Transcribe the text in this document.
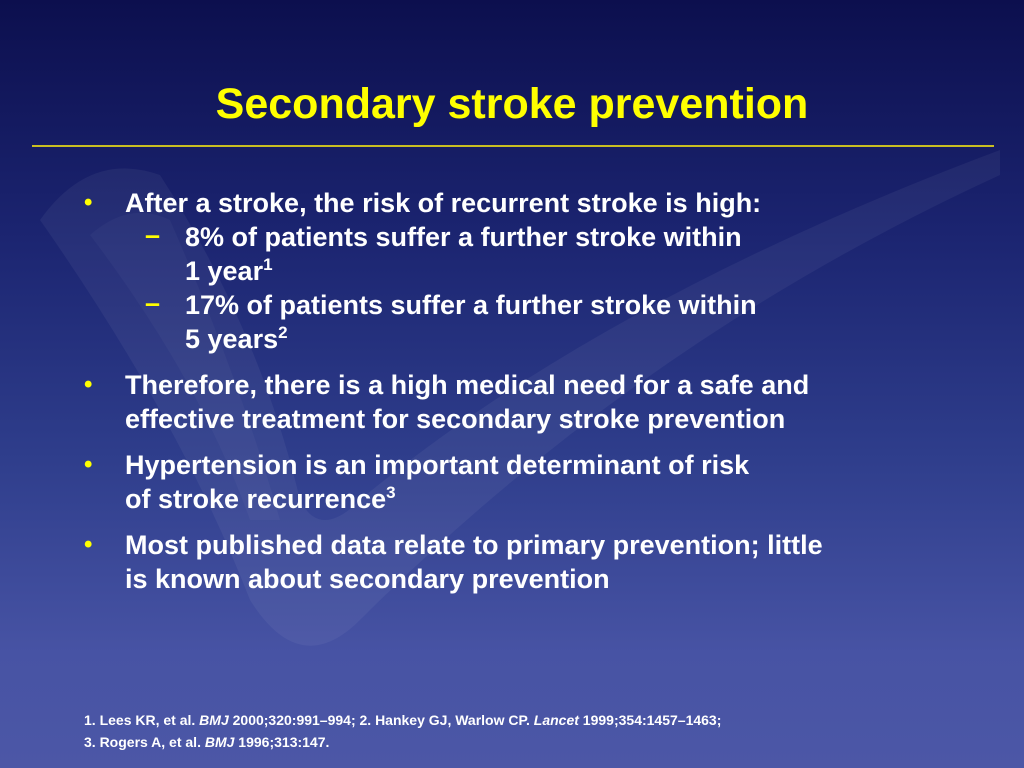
Secondary stroke prevention
• After a stroke, the risk of recurrent stroke is high:
– 8% of patients suffer a further stroke within
1 year$^1$
– 17% of patients suffer a further stroke within
5 years$^2$
• Therefore, there is a high medical need for a safe and
effective treatment for secondary stroke prevention
• Hypertension is an important determinant of risk
of stroke recurrence$^3$
• Most published data relate to primary prevention; little
is known about secondary prevention
1. Lees KR, et al. BMJ 2000;320:991–994; 2. Hankey GJ, Warlow CP. Lancet 1999;354:1457–1463;
3. Rogers A, et al. BMJ 1996;313:147.
